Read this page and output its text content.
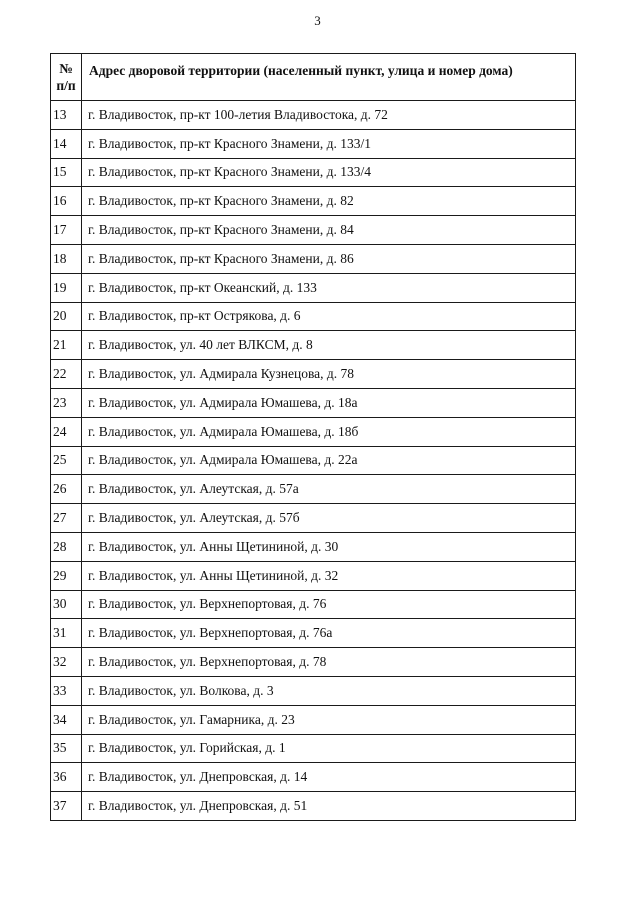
3
№
п/п	Адрес дворовой территории (населенный пункт, улица и номер дома)
13	г. Владивосток, пр-кт 100-летия Владивостока, д. 72
14	г. Владивосток, пр-кт Красного Знамени, д. 133/1
15	г. Владивосток, пр-кт Красного Знамени, д. 133/4
16	г. Владивосток, пр-кт Красного Знамени, д. 82
17	г. Владивосток, пр-кт Красного Знамени, д. 84
18	г. Владивосток, пр-кт Красного Знамени, д. 86
19	г. Владивосток, пр-кт Океанский, д. 133
20	г. Владивосток, пр-кт Острякова, д. 6
21	г. Владивосток, ул. 40 лет ВЛКСМ, д. 8
22	г. Владивосток, ул. Адмирала Кузнецова, д. 78
23	г. Владивосток, ул. Адмирала Юмашева, д. 18а
24	г. Владивосток, ул. Адмирала Юмашева, д. 18б
25	г. Владивосток, ул. Адмирала Юмашева, д. 22а
26	г. Владивосток, ул. Алеутская, д. 57а
27	г. Владивосток, ул. Алеутская, д. 57б
28	г. Владивосток, ул. Анны Щетининой, д. 30
29	г. Владивосток, ул. Анны Щетининой, д. 32
30	г. Владивосток, ул. Верхнепортовая, д. 76
31	г. Владивосток, ул. Верхнепортовая, д. 76а
32	г. Владивосток, ул. Верхнепортовая, д. 78
33	г. Владивосток, ул. Волкова, д. 3
34	г. Владивосток, ул. Гамарника, д. 23
35	г. Владивосток, ул. Горийская, д. 1
36	г. Владивосток, ул. Днепровская, д. 14
37	г. Владивосток, ул. Днепровская, д. 51
